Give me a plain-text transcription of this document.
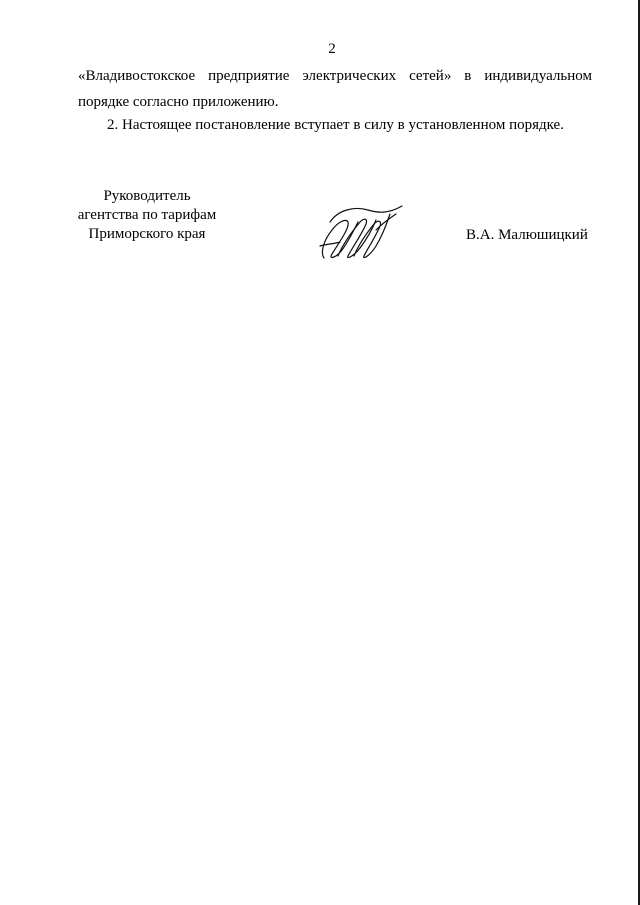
2
«Владивостокское предприятие электрических сетей» в индивидуальном
порядке согласно приложению.
2. Настоящее постановление вступает в силу в установленном порядке.
Руководитель
агентства по тарифам
Приморского края	В.А. Малюшицкий
